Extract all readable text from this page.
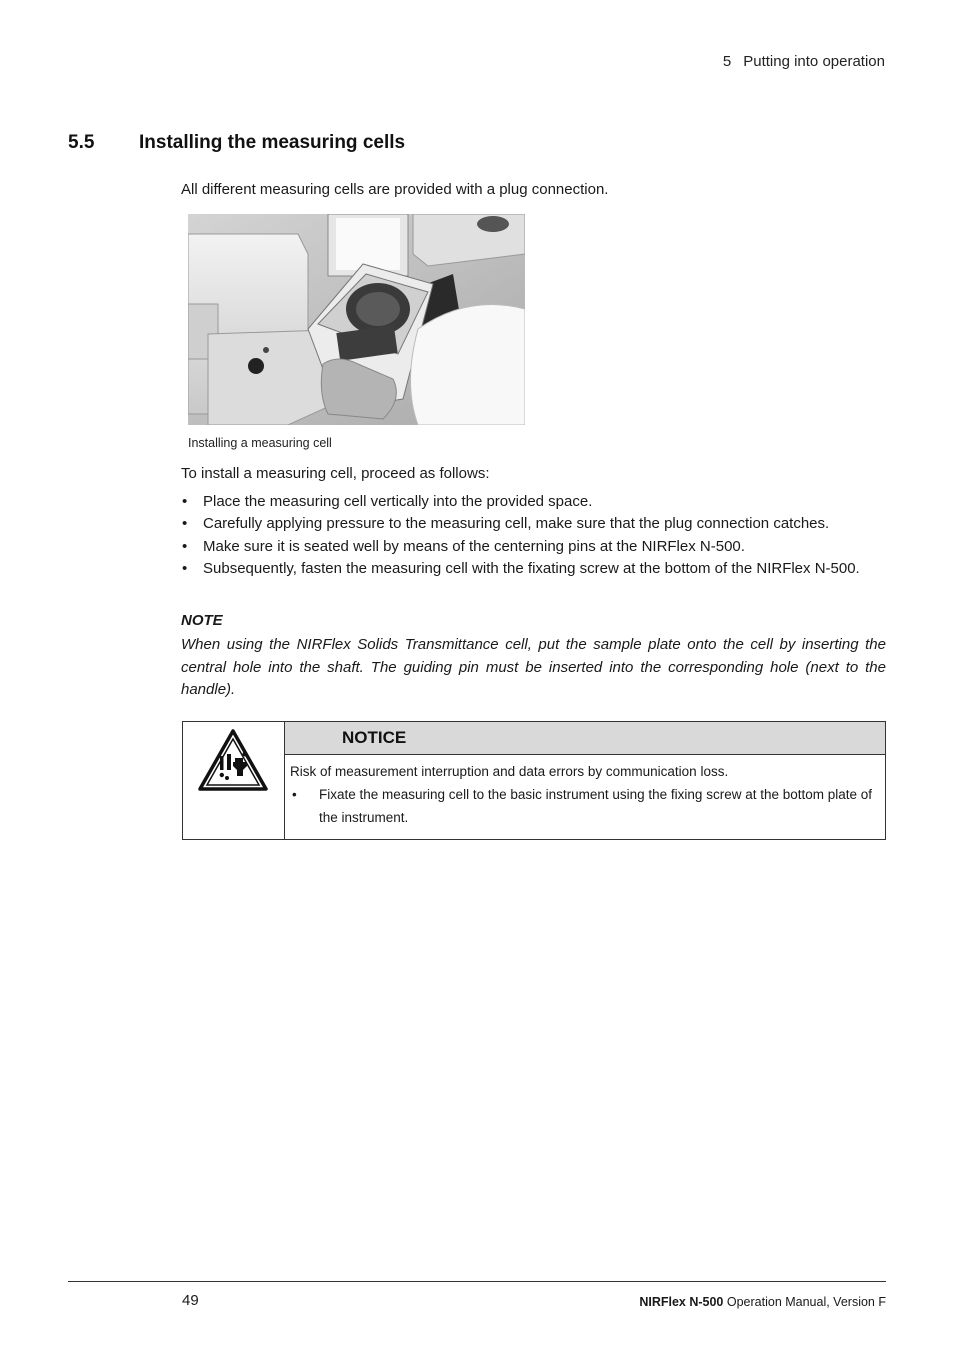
5 Putting into operation
5.5 Installing the measuring cells
All different measuring cells are provided with a plug connection.
Installing a measuring cell
To install a measuring cell, proceed as follows:
• Place the measuring cell vertically into the provided space.
• Carefully applying pressure to the measuring cell, make sure that the plug connection catches.
• Make sure it is seated well by means of the centerning pins at the NIRFlex N-500.
• Subsequently, fasten the measuring cell with the fixating screw at the bottom of the NIRFlex N-500.
NOTE
When using the NIRFlex Solids Transmittance cell, put the sample plate onto the cell by inserting the central hole into the shaft. The guiding pin must be inserted into the corresponding hole (next to the handle).
NOTICE
Risk of measurement interruption and data errors by communication loss.
•	Fixate the measuring cell to the basic instrument using the fixing screw at the bottom plate of the instrument.
49	NIRFlex N-500 Operation Manual, Version F
